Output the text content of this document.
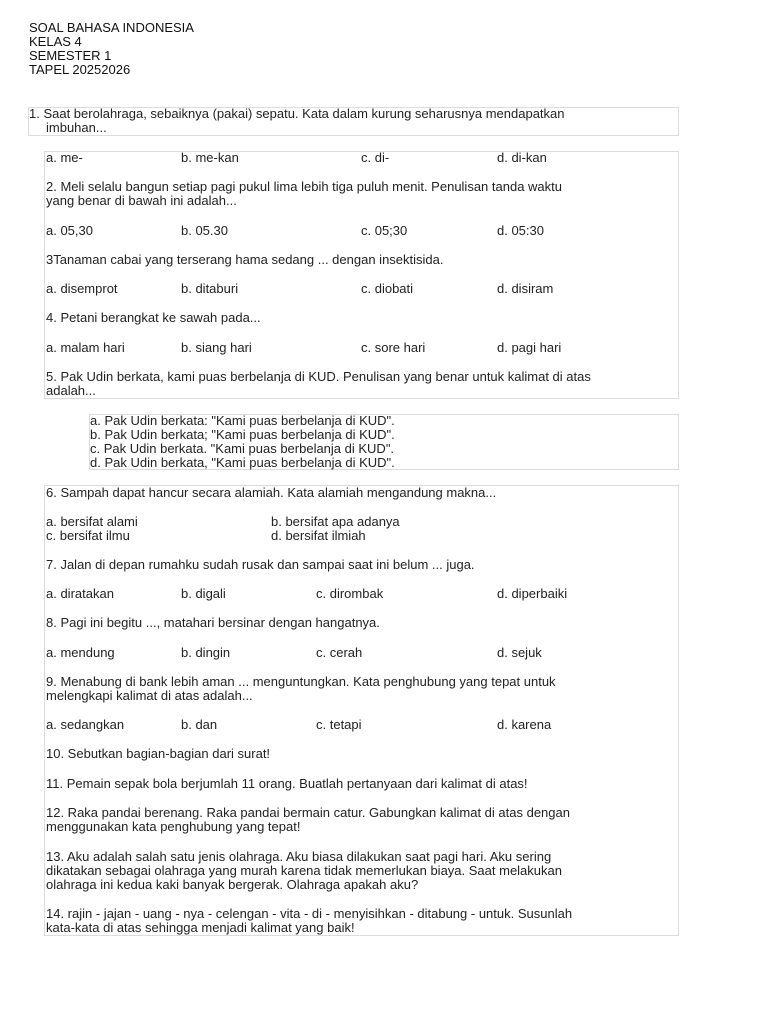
SOAL BAHASA INDONESIA
KELAS 4
SEMESTER 1
TAPEL 20252026
1. Saat berolahraga, sebaiknya (pakai) sepatu. Kata dalam kurung seharusnya mendapatkan
imbuhan...
a. me-	b. me-kan	c. di-	d. di-kan
2. Meli selalu bangun setiap pagi pukul lima lebih tiga puluh menit. Penulisan tanda waktu
yang benar di bawah ini adalah...
a. 05,30	b. 05.30	c. 05;30	d. 05:30
3Tanaman cabai yang terserang hama sedang ... dengan insektisida.
a. disemprot	b. ditaburi	c. diobati	d. disiram
4. Petani berangkat ke sawah pada...
a. malam hari	b. siang hari	c. sore hari	d. pagi hari
5. Pak Udin berkata, kami puas berbelanja di KUD. Penulisan yang benar untuk kalimat di atas
adalah...
a. Pak Udin berkata: "Kami puas berbelanja di KUD".
b. Pak Udin berkata; "Kami puas berbelanja di KUD".
c. Pak Udin berkata. "Kami puas berbelanja di KUD".
d. Pak Udin berkata, "Kami puas berbelanja di KUD".
6. Sampah dapat hancur secara alamiah. Kata alamiah mengandung makna...
a. bersifat alami	b. bersifat apa adanya
c. bersifat ilmu	d. bersifat ilmiah
7. Jalan di depan rumahku sudah rusak dan sampai saat ini belum ... juga.
a. diratakan	b. digali	c. dirombak	d. diperbaiki
8. Pagi ini begitu ..., matahari bersinar dengan hangatnya.
a. mendung	b. dingin	c. cerah	d. sejuk
9. Menabung di bank lebih aman ... menguntungkan. Kata penghubung yang tepat untuk
melengkapi kalimat di atas adalah...
a. sedangkan	b. dan	c. tetapi	d. karena
10. Sebutkan bagian-bagian dari surat!
11. Pemain sepak bola berjumlah 11 orang. Buatlah pertanyaan dari kalimat di atas!
12. Raka pandai berenang. Raka pandai bermain catur. Gabungkan kalimat di atas dengan
menggunakan kata penghubung yang tepat!
13. Aku adalah salah satu jenis olahraga. Aku biasa dilakukan saat pagi hari. Aku sering
dikatakan sebagai olahraga yang murah karena tidak memerlukan biaya. Saat melakukan
olahraga ini kedua kaki banyak bergerak. Olahraga apakah aku?
14. rajin - jajan - uang - nya - celengan - vita - di - menyisihkan - ditabung - untuk. Susunlah
kata-kata di atas sehingga menjadi kalimat yang baik!
